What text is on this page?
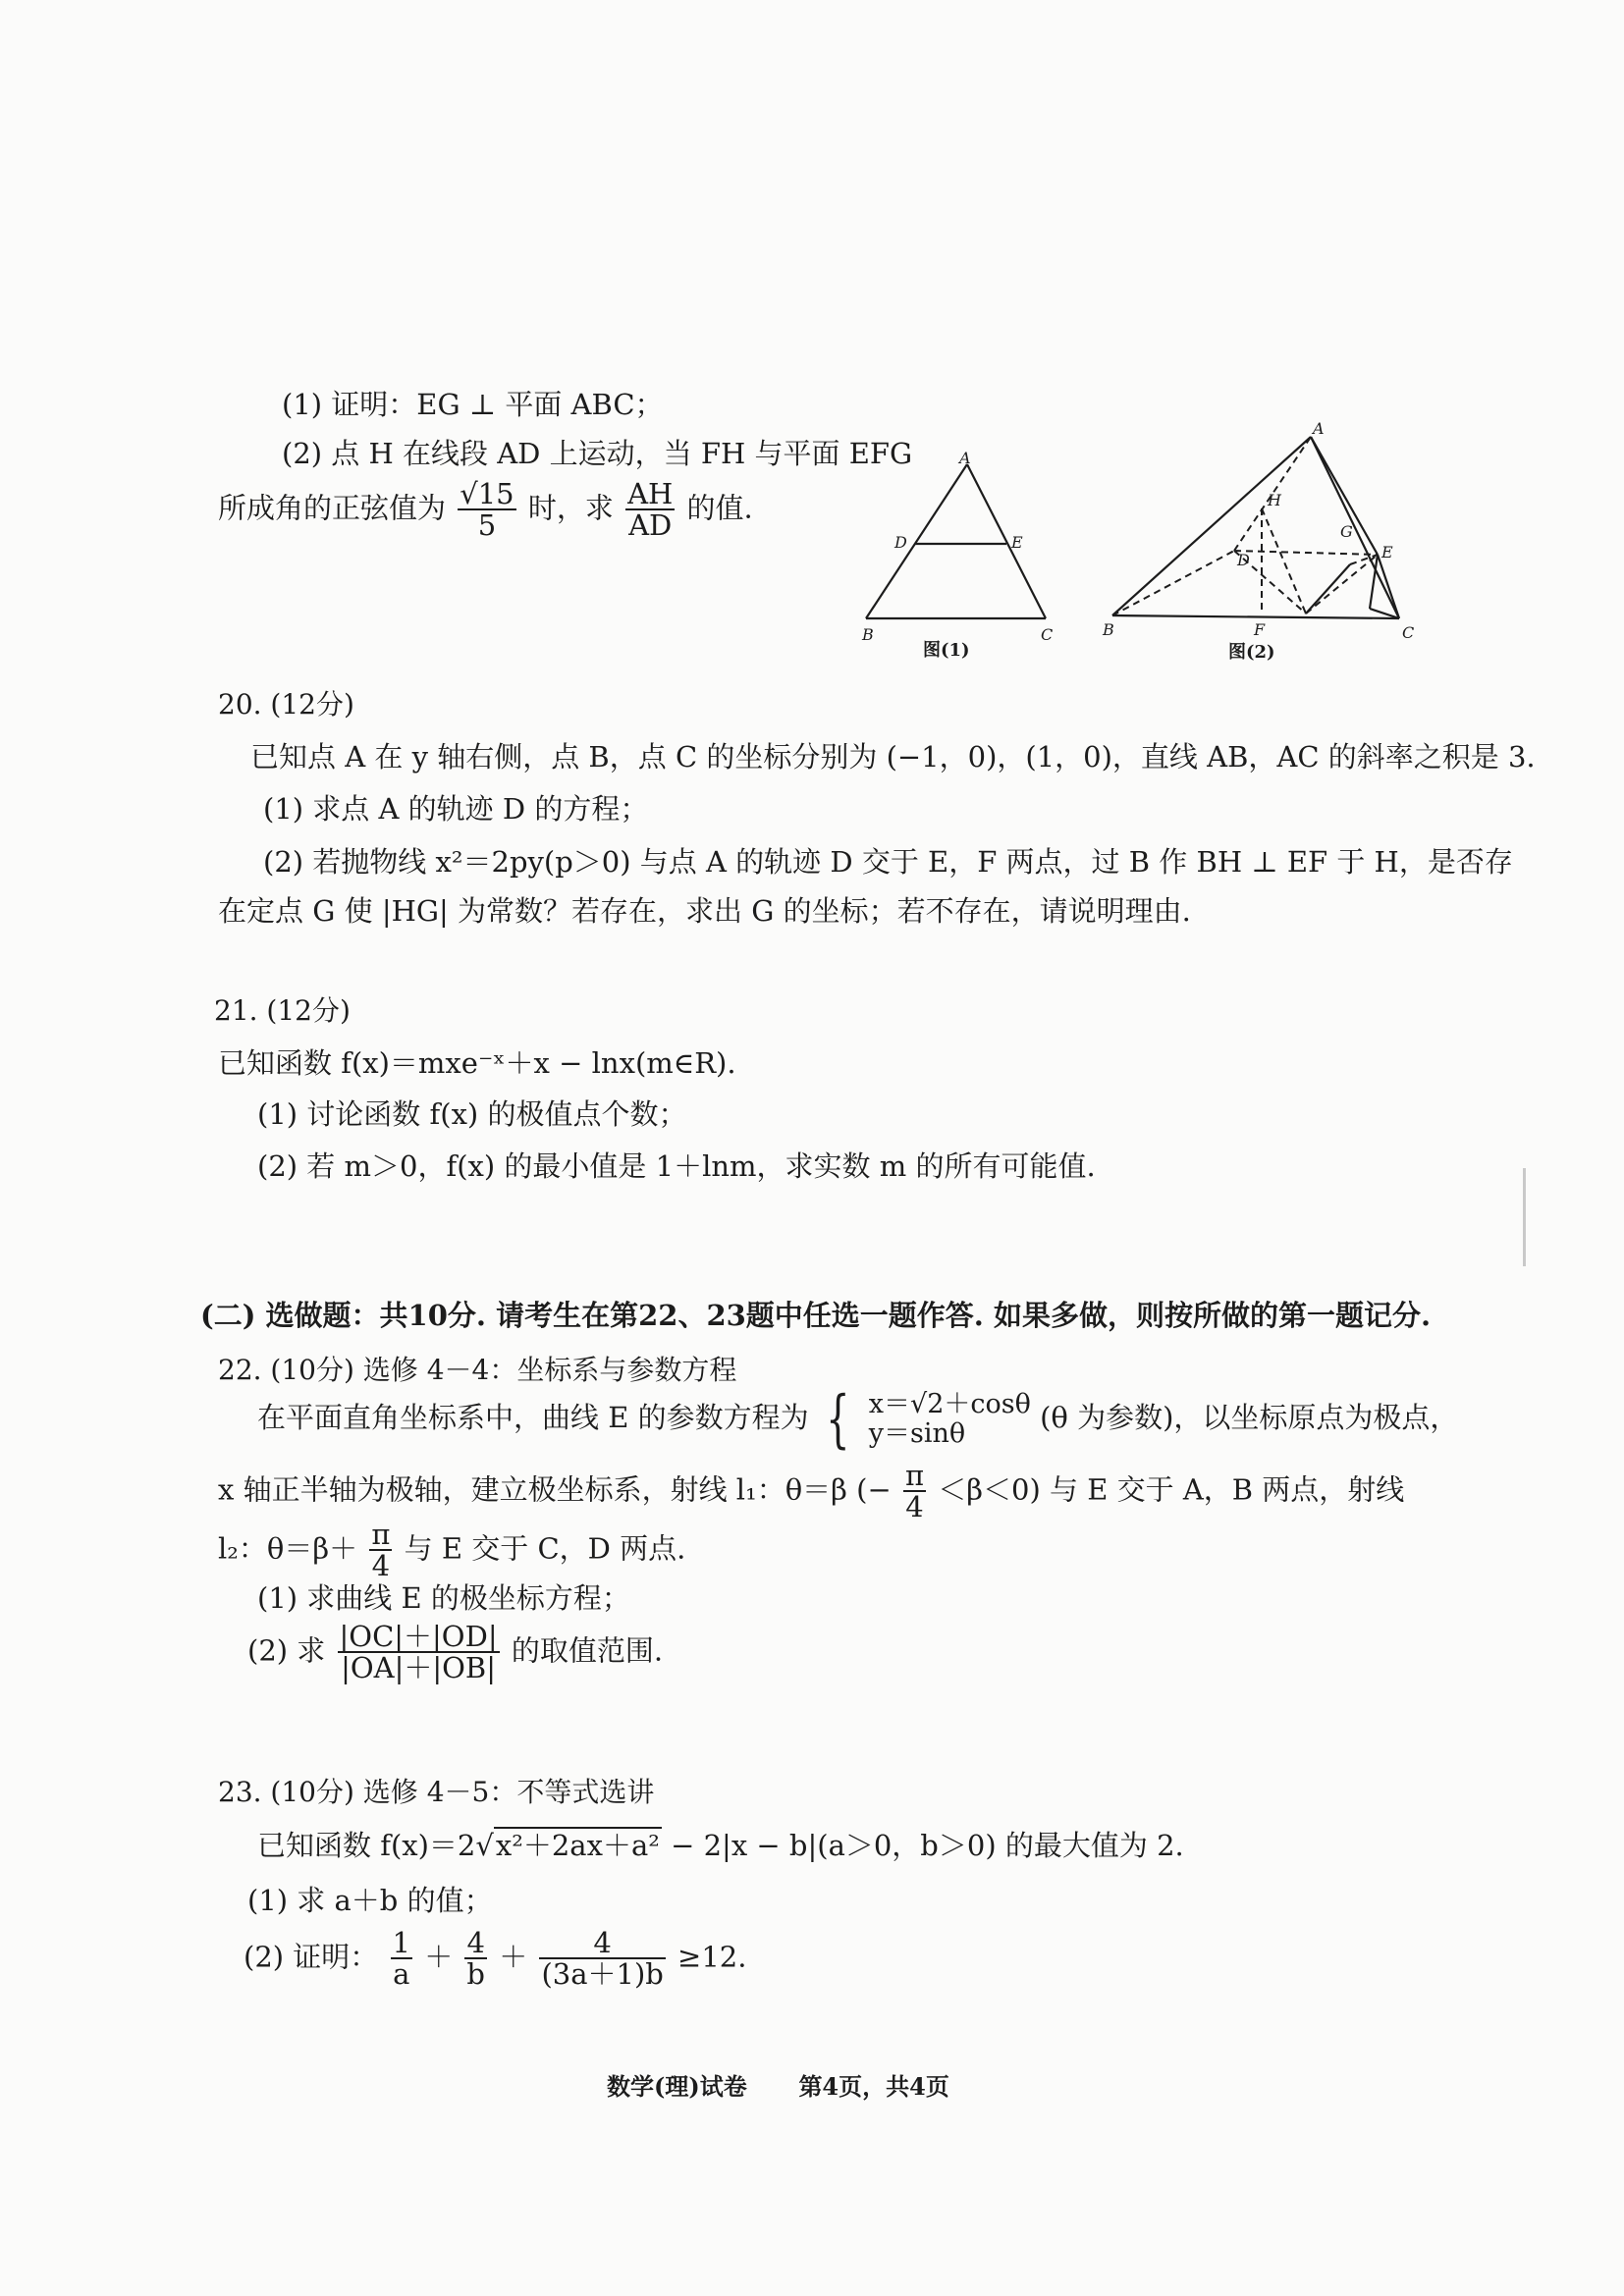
(1) 证明：EG ⊥ 平面 ABC；
(2) 点 H 在线段 AD 上运动，当 FH 与平面 EFG
所成角的正弦值为 $\frac{√15}{5}$ 时，求 $\frac{AH}{AD}$ 的值.
A
D	E
B	C
图(1)
A
H
G
E
D
B	F	C
图(2)
20. (12分)
已知点 A 在 y 轴右侧，点 B，点 C 的坐标分别为 (−1，0)，(1，0)，直线 AB，AC 的斜率之积是 3.
(1) 求点 A 的轨迹 D 的方程；
(2) 若抛物线 x²＝2py(p＞0) 与点 A 的轨迹 D 交于 E，F 两点，过 B 作 BH ⊥ EF 于 H，是否存
在定点 G 使 |HG| 为常数？若存在，求出 G 的坐标；若不存在，请说明理由.
21. (12分)
已知函数 f(x)＝mxe⁻ˣ＋x − lnx(m∈R).
(1) 讨论函数 f(x) 的极值点个数；
(2) 若 m＞0，f(x) 的最小值是 1＋lnm，求实数 m 的所有可能值.
(二) 选做题：共10分. 请考生在第22、23题中任选一题作答. 如果多做，则按所做的第一题记分.
22. (10分) 选修 4－4：坐标系与参数方程
在平面直角坐标系中，曲线 E 的参数方程为 { x＝√2＋cosθ
y＝sinθ	(θ 为参数)，以坐标原点为极点，
x 轴正半轴为极轴，建立极坐标系，射线 l₁：θ＝β (− $\frac{\pi}{4} <\beta<0$) 与 E 交于 A，B 两点，射线
l₂：$\theta=\beta+ \frac{\pi}{4}$ 与 E 交于 C，D 两点.
(1) 求曲线 E 的极坐标方程；
(2) 求 $\frac{|OC|+|OD|}{|OA|+|OB|}$ 的取值范围.
23. (10分) 选修 4－5：不等式选讲
已知函数 f(x)＝2√x²＋2ax＋a² − 2|x − b|(a＞0，b＞0) 的最大值为 2.
(1) 求 a＋b 的值；
(2) 证明： $\frac{1}{a} + \frac{4}{b} + \frac{4}{(3a+1)b} \ge 12$.
数学(理)试卷 第4页，共4页
